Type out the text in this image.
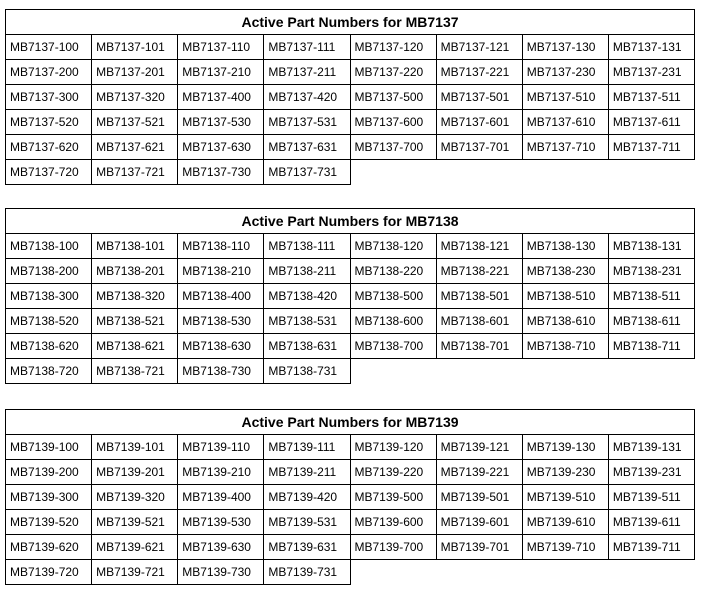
Active Part Numbers for MB7137							
MB7137-100	MB7137-101	MB7137-110	MB7137-111	MB7137-120	MB7137-121	MB7137-130	MB7137-131
MB7137-200	MB7137-201	MB7137-210	MB7137-211	MB7137-220	MB7137-221	MB7137-230	MB7137-231
MB7137-300	MB7137-320	MB7137-400	MB7137-420	MB7137-500	MB7137-501	MB7137-510	MB7137-511
MB7137-520	MB7137-521	MB7137-530	MB7137-531	MB7137-600	MB7137-601	MB7137-610	MB7137-611
MB7137-620	MB7137-621	MB7137-630	MB7137-631	MB7137-700	MB7137-701	MB7137-710	MB7137-711
MB7137-720	MB7137-721	MB7137-730	MB7137-731				
Active Part Numbers for MB7138							
MB7138-100	MB7138-101	MB7138-110	MB7138-111	MB7138-120	MB7138-121	MB7138-130	MB7138-131
MB7138-200	MB7138-201	MB7138-210	MB7138-211	MB7138-220	MB7138-221	MB7138-230	MB7138-231
MB7138-300	MB7138-320	MB7138-400	MB7138-420	MB7138-500	MB7138-501	MB7138-510	MB7138-511
MB7138-520	MB7138-521	MB7138-530	MB7138-531	MB7138-600	MB7138-601	MB7138-610	MB7138-611
MB7138-620	MB7138-621	MB7138-630	MB7138-631	MB7138-700	MB7138-701	MB7138-710	MB7138-711
MB7138-720	MB7138-721	MB7138-730	MB7138-731				
Active Part Numbers for MB7139							
MB7139-100	MB7139-101	MB7139-110	MB7139-111	MB7139-120	MB7139-121	MB7139-130	MB7139-131
MB7139-200	MB7139-201	MB7139-210	MB7139-211	MB7139-220	MB7139-221	MB7139-230	MB7139-231
MB7139-300	MB7139-320	MB7139-400	MB7139-420	MB7139-500	MB7139-501	MB7139-510	MB7139-511
MB7139-520	MB7139-521	MB7139-530	MB7139-531	MB7139-600	MB7139-601	MB7139-610	MB7139-611
MB7139-620	MB7139-621	MB7139-630	MB7139-631	MB7139-700	MB7139-701	MB7139-710	MB7139-711
MB7139-720	MB7139-721	MB7139-730	MB7139-731				
